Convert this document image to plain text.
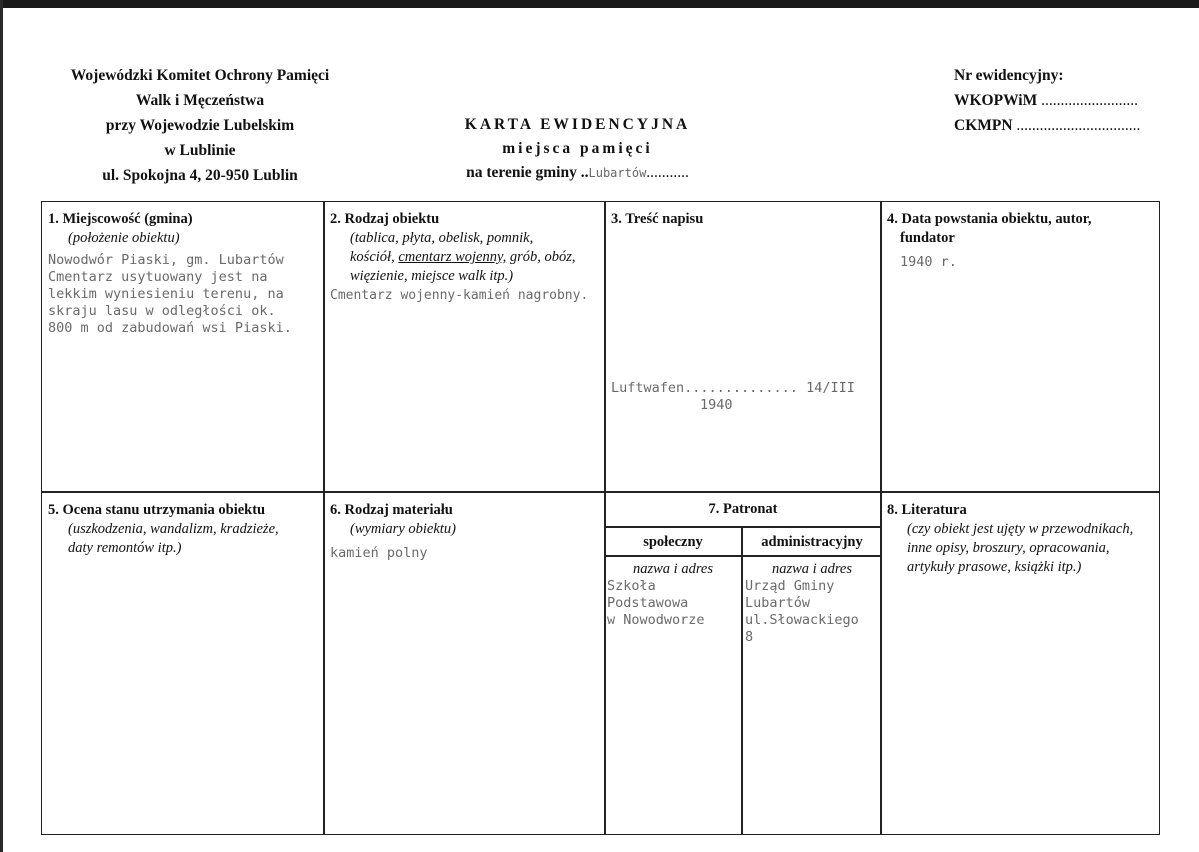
Wojewódzki Komitet Ochrony Pamięci
Walk i Męczeństwa
przy Wojewodzie Lubelskim
w Lublinie
ul. Spokojna 4, 20-950 Lublin
KARTA EWIDENCYJNA
miejsca pamięci
na terenie gminy ..Lubartów...........
Nr ewidencyjny:
WKOPWiM .........................
CKMPN ................................
1. Miejscowość (gmina)
(położenie obiektu)
Nowodwór Piaski, gm. Lubartów
Cmentarz usytuowany jest na
lekkim wyniesieniu terenu, na
skraju lasu w odległości ok.
800 m od zabudowań wsi Piaski.
2. Rodzaj obiektu
(tablica, płyta, obelisk, pomnik,
kościół, cmentarz wojenny, grób, obóz,
więzienie, miejsce walk itp.)
Cmentarz wojenny-kamień nagrobny.
3. Treść napisu
Luftwafen.............. 14/III
1940
4. Data powstania obiektu, autor,
fundator
1940 r.
5. Ocena stanu utrzymania obiektu
(uszkodzenia, wandalizm, kradzieże,
daty remontów itp.)
6. Rodzaj materiału
(wymiary obiektu)
kamień polny
7. Patronat
społeczny	administracyjny
nazwa i adres
Szkoła
Podstawowa
w Nowodworze
nazwa i adres
Urząd Gminy
Lubartów
ul.Słowackiego
8
8. Literatura
(czy obiekt jest ujęty w przewodnikach,
inne opisy, broszury, opracowania,
artykuły prasowe, książki itp.)
